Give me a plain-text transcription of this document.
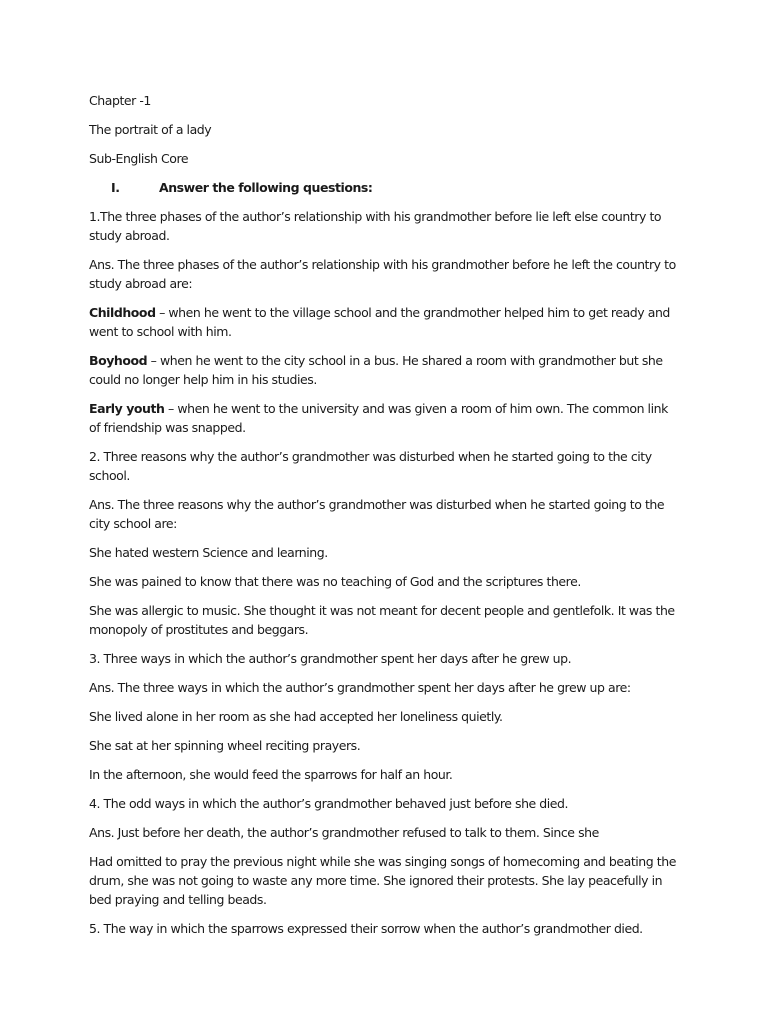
Chapter -1

The portrait of a lady

Sub-English Core

I.	Answer the following questions:

1.The three phases of the author’s relationship with his grandmother before lie left else country to study abroad.

Ans. The three phases of the author’s relationship with his grandmother before he left the country to study abroad are:

Childhood – when he went to the village school and the grandmother helped him to get ready and went to school with him.

Boyhood – when he went to the city school in a bus. He shared a room with grandmother but she could no longer help him in his studies.

Early youth – when he went to the university and was given a room of him own. The common link of friendship was snapped.

2. Three reasons why the author’s grandmother was disturbed when he started going to the city school.

Ans. The three reasons why the author’s grandmother was disturbed when he started going to the city school are:

She hated western Science and learning.

She was pained to know that there was no teaching of God and the scriptures there.

She was allergic to music. She thought it was not meant for decent people and gentlefolk. It was the monopoly of prostitutes and beggars.

3. Three ways in which the author’s grandmother spent her days after he grew up.

Ans. The three ways in which the author’s grandmother spent her days after he grew up are:

She lived alone in her room as she had accepted her loneliness quietly.

She sat at her spinning wheel reciting prayers.

In the afternoon, she would feed the sparrows for half an hour.

4. The odd ways in which the author’s grandmother behaved just before she died.

Ans. Just before her death, the author’s grandmother refused to talk to them. Since she

Had omitted to pray the previous night while she was singing songs of homecoming and beating the drum, she was not going to waste any more time. She ignored their protests. She lay peacefully in bed praying and telling beads.

5. The way in which the sparrows expressed their sorrow when the author’s grandmother died.
